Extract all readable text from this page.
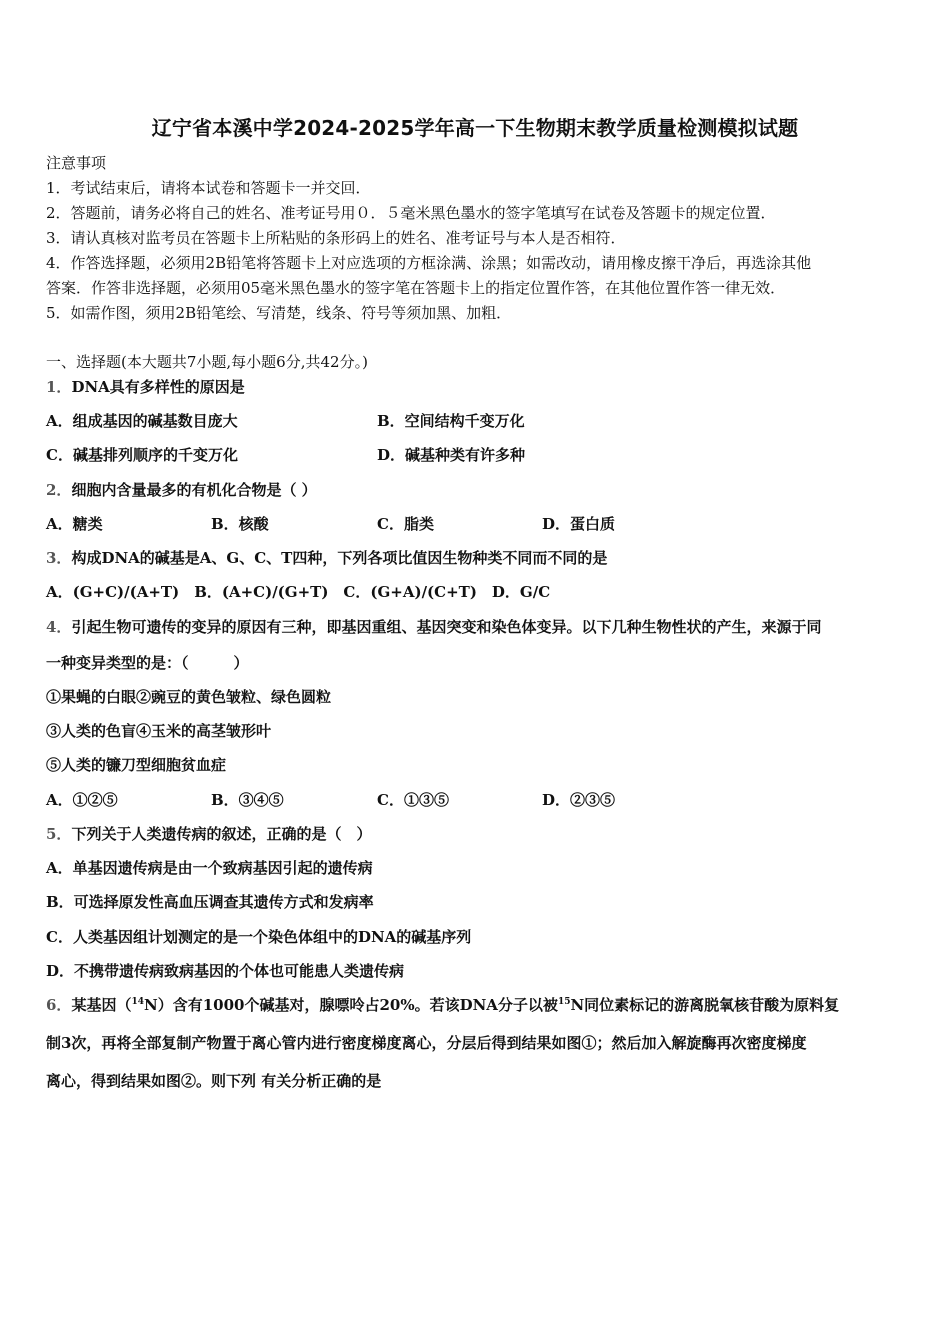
辽宁省本溪中学2024-2025学年高一下生物期末教学质量检测模拟试题
注意事项
1．考试结束后，请将本试卷和答题卡一并交回．
2．答题前，请务必将自己的姓名、准考证号用０．５毫米黑色墨水的签字笔填写在试卷及答题卡的规定位置．
3．请认真核对监考员在答题卡上所粘贴的条形码上的姓名、准考证号与本人是否相符．
4．作答选择题，必须用2B铅笔将答题卡上对应选项的方框涂满、涂黑；如需改动，请用橡皮擦干净后，再选涂其他
答案．作答非选择题，必须用05毫米黑色墨水的签字笔在答题卡上的指定位置作答，在其他位置作答一律无效．
5．如需作图，须用2B铅笔绘、写清楚，线条、符号等须加黑、加粗．
一、选择题(本大题共7小题,每小题6分,共42分。)
1．DNA具有多样性的原因是
A．组成基因的碱基数目庞大	B．空间结构千变万化
C．碱基排列顺序的千变万化	D．碱基种类有许多种
2．细胞内含量最多的有机化合物是（ ）
A．糖类	B．核酸	C．脂类	D．蛋白质
3．构成DNA的碱基是A、G、C、T四种，下列各项比值因生物种类不同而不同的是
A．(G+C)/(A+T)　B．(A+C)/(G+T)　C．(G+A)/(C+T)　D．G/C
4．引起生物可遗传的变异的原因有三种，即基因重组、基因突变和染色体变异。以下几种生物性状的产生，来源于同
一种变异类型的是：（　　　）
①果蝇的白眼②豌豆的黄色皱粒、绿色圆粒
③人类的色盲④玉米的高茎皱形叶
⑤人类的镰刀型细胞贫血症
A．①②⑤	B．③④⑤	C．①③⑤	D．②③⑤
5．下列关于人类遗传病的叙述，正确的是（　）
A．单基因遗传病是由一个致病基因引起的遗传病
B．可选择原发性高血压调查其遗传方式和发病率
C．人类基因组计划测定的是一个染色体组中的DNA的碱基序列
D．不携带遗传病致病基因的个体也可能患人类遗传病
6．某基因（$^{14}$N）含有1000个碱基对，腺嘌呤占20%。若该DNA分子以被$^{15}$N同位素标记的游离脱氧核苷酸为原料复
制3次，再将全部复制产物置于离心管内进行密度梯度离心，分层后得到结果如图①；然后加入解旋酶再次密度梯度
离心，得到结果如图②。则下列 有关分析正确的是
